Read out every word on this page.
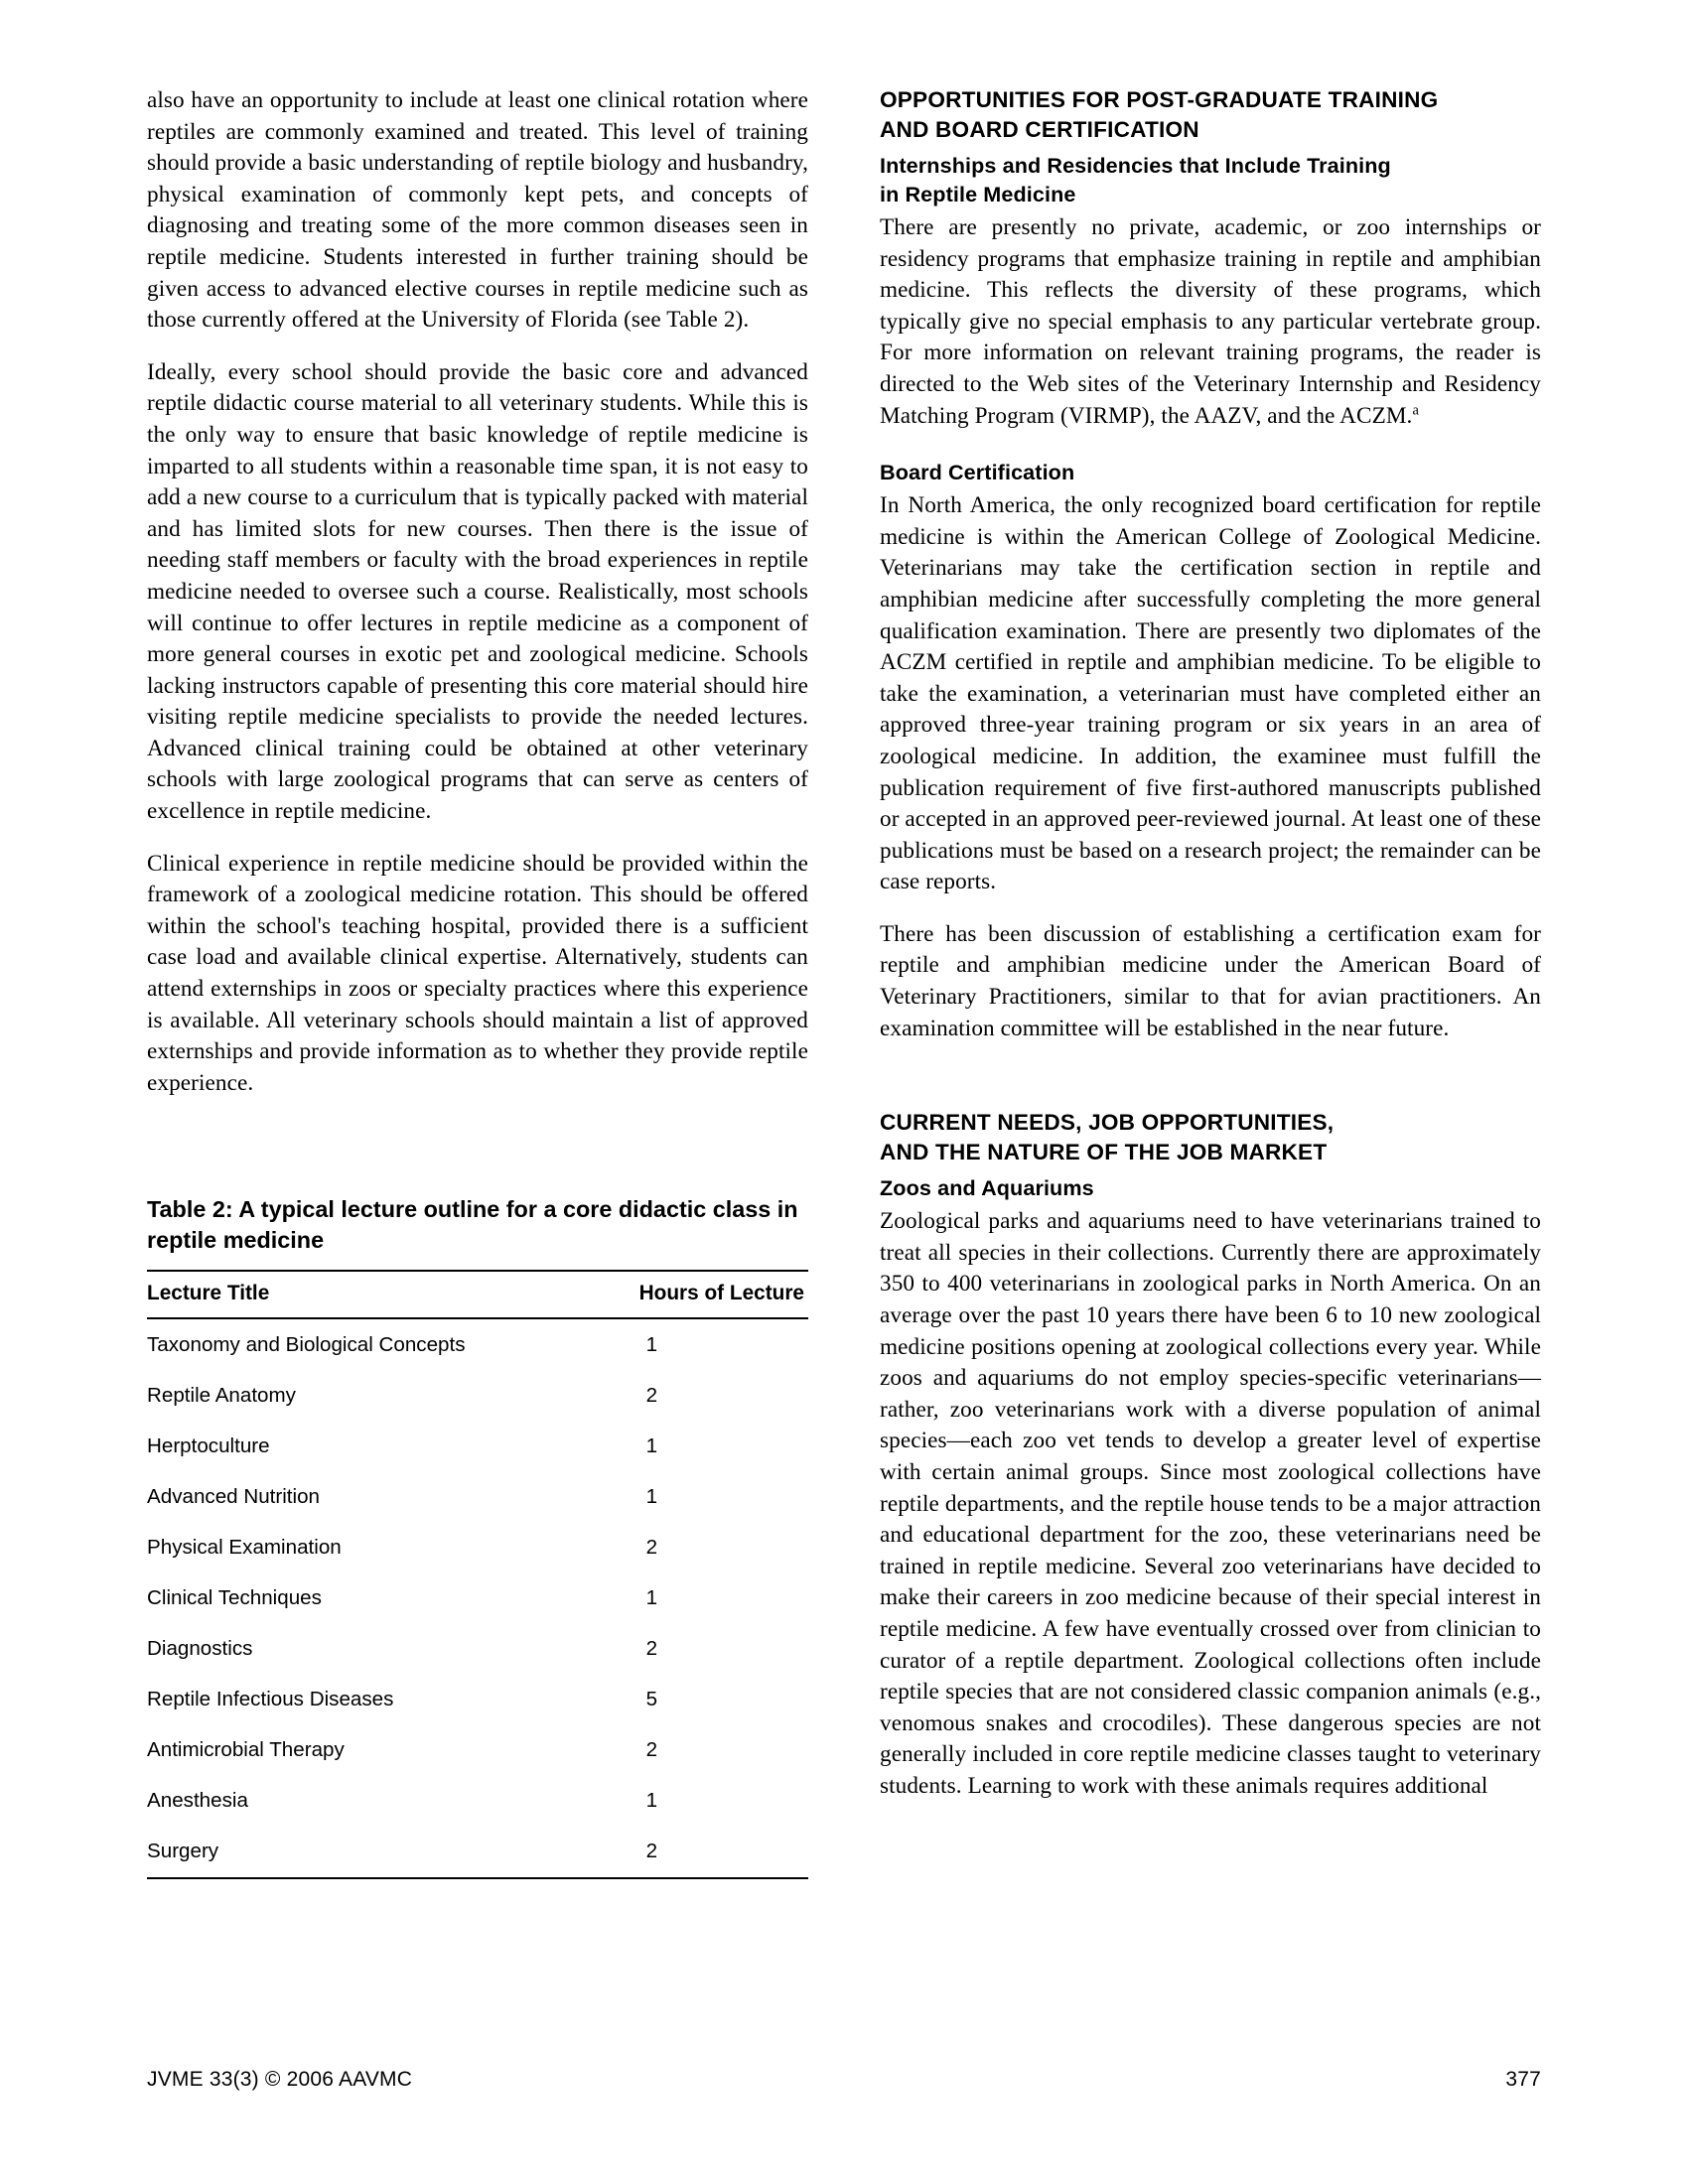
also have an opportunity to include at least one clinical rotation where reptiles are commonly examined and treated. This level of training should provide a basic understanding of reptile biology and husbandry, physical examination of commonly kept pets, and concepts of diagnosing and treating some of the more common diseases seen in reptile medicine. Students interested in further training should be given access to advanced elective courses in reptile medicine such as those currently offered at the University of Florida (see Table 2).

Ideally, every school should provide the basic core and advanced reptile didactic course material to all veterinary students. While this is the only way to ensure that basic knowledge of reptile medicine is imparted to all students within a reasonable time span, it is not easy to add a new course to a curriculum that is typically packed with material and has limited slots for new courses. Then there is the issue of needing staff members or faculty with the broad experiences in reptile medicine needed to oversee such a course. Realistically, most schools will continue to offer lectures in reptile medicine as a component of more general courses in exotic pet and zoological medicine. Schools lacking instructors capable of presenting this core material should hire visiting reptile medicine specialists to provide the needed lectures. Advanced clinical training could be obtained at other veterinary schools with large zoological programs that can serve as centers of excellence in reptile medicine.

Clinical experience in reptile medicine should be provided within the framework of a zoological medicine rotation. This should be offered within the school's teaching hospital, provided there is a sufficient case load and available clinical expertise. Alternatively, students can attend externships in zoos or specialty practices where this experience is available. All veterinary schools should maintain a list of approved externships and provide information as to whether they provide reptile experience.

Table 2: A typical lecture outline for a core didactic class in reptile medicine
Lecture Title	Hours of Lecture
Taxonomy and Biological Concepts	1
Reptile Anatomy	2
Herptoculture	1
Advanced Nutrition	1
Physical Examination	2
Clinical Techniques	1
Diagnostics	2
Reptile Infectious Diseases	5
Antimicrobial Therapy	2
Anesthesia	1
Surgery	2
OPPORTUNITIES FOR POST-GRADUATE TRAINING
AND BOARD CERTIFICATION
Internships and Residencies that Include Training
in Reptile Medicine

There are presently no private, academic, or zoo internships or residency programs that emphasize training in reptile and amphibian medicine. This reflects the diversity of these programs, which typically give no special emphasis to any particular vertebrate group. For more information on relevant training programs, the reader is directed to the Web sites of the Veterinary Internship and Residency Matching Program (VIRMP), the AAZV, and the ACZM.$^a$

Board Certification

In North America, the only recognized board certification for reptile medicine is within the American College of Zoological Medicine. Veterinarians may take the certification section in reptile and amphibian medicine after successfully completing the more general qualification examination. There are presently two diplomates of the ACZM certified in reptile and amphibian medicine. To be eligible to take the examination, a veterinarian must have completed either an approved three-year training program or six years in an area of zoological medicine. In addition, the examinee must fulfill the publication requirement of five first-authored manuscripts published or accepted in an approved peer-reviewed journal. At least one of these publications must be based on a research project; the remainder can be case reports.

There has been discussion of establishing a certification exam for reptile and amphibian medicine under the American Board of Veterinary Practitioners, similar to that for avian practitioners. An examination committee will be established in the near future.

CURRENT NEEDS, JOB OPPORTUNITIES,
AND THE NATURE OF THE JOB MARKET
Zoos and Aquariums

Zoological parks and aquariums need to have veterinarians trained to treat all species in their collections. Currently there are approximately 350 to 400 veterinarians in zoological parks in North America. On an average over the past 10 years there have been 6 to 10 new zoological medicine positions opening at zoological collections every year. While zoos and aquariums do not employ species-specific veterinarians—rather, zoo veterinarians work with a diverse population of animal species—each zoo vet tends to develop a greater level of expertise with certain animal groups. Since most zoological collections have reptile departments, and the reptile house tends to be a major attraction and educational department for the zoo, these veterinarians need be trained in reptile medicine. Several zoo veterinarians have decided to make their careers in zoo medicine because of their special interest in reptile medicine. A few have eventually crossed over from clinician to curator of a reptile department. Zoological collections often include reptile species that are not considered classic companion animals (e.g., venomous snakes and crocodiles). These dangerous species are not generally included in core reptile medicine classes taught to veterinary students. Learning to work with these animals requires additional

JVME 33(3) © 2006 AAVMC	377
